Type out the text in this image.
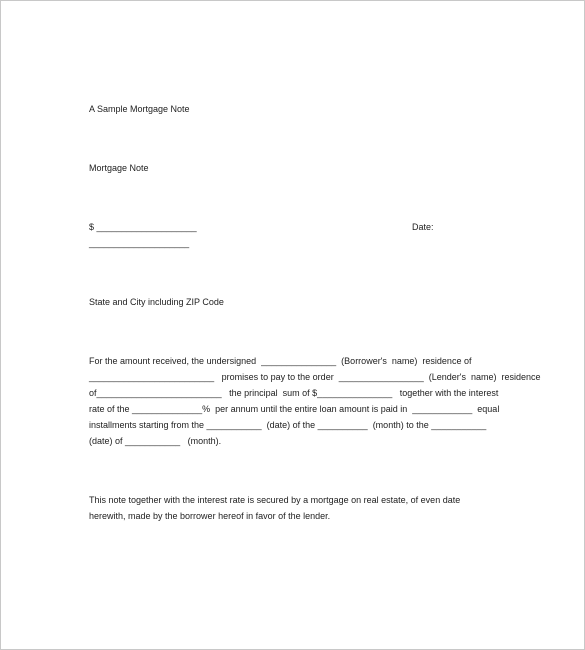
A Sample Mortgage Note

Mortgage Note

$ ____________________	Date:

____________________

State and City including ZIP Code

For the amount received, the undersigned  _______________  (Borrower's  name)  residence of

_________________________   promises to pay to the order  _________________  (Lender's  name)  residence

of_________________________   the principal  sum of $_______________   together with the interest

rate of the ______________%  per annum until the entire loan amount is paid in  ____________  equal

installments starting from the ___________  (date) of the __________  (month) to the ___________

(date) of ___________   (month).

This note together with the interest rate is secured by a mortgage on real estate, of even date

herewith, made by the borrower hereof in favor of the lender.
